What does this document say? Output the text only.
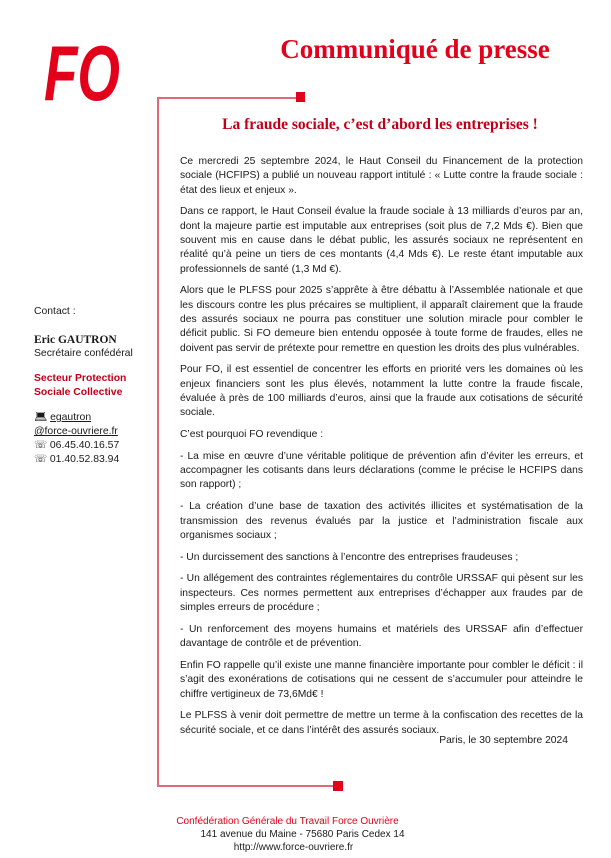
FO	Communiqué de presse
La fraude sociale, c’est d’abord les entreprises !

Ce mercredi 25 septembre 2024, le Haut Conseil du Financement de la protection sociale (HCFIPS) a publié un nouveau rapport intitulé : « Lutte contre la fraude sociale : état des lieux et enjeux ».

Dans ce rapport, le Haut Conseil évalue la fraude sociale à 13 milliards d’euros par an, dont la majeure partie est imputable aux entreprises (soit plus de 7,2 Mds €). Bien que souvent mis en cause dans le débat public, les assurés sociaux ne représentent en réalité qu’à peine un tiers de ces montants (4,4 Mds €). Le reste étant imputable aux professionnels de santé (1,3 Md €).

Alors que le PLFSS pour 2025 s’apprête à être débattu à l’Assemblée nationale et que les discours contre les plus précaires se multiplient, il apparaît clairement que la fraude des assurés sociaux ne pourra pas constituer une solution miracle pour combler le déficit public. Si FO demeure bien entendu opposée à toute forme de fraudes, elles ne doivent pas servir de prétexte pour remettre en question les droits des plus vulnérables.

Pour FO, il est essentiel de concentrer les efforts en priorité vers les domaines où les enjeux financiers sont les plus élevés, notamment la lutte contre la fraude fiscale, évaluée à près de 100 milliards d’euros, ainsi que la fraude aux cotisations de sécurité sociale.

C’est pourquoi FO revendique :

- La mise en œuvre d’une véritable politique de prévention afin d’éviter les erreurs, et accompagner les cotisants dans leurs déclarations (comme le précise le HCFIPS dans son rapport) ;

- La création d’une base de taxation des activités illicites et systématisation de la transmission des revenus évalués par la justice et l’administration fiscale aux organismes sociaux ;

- Un durcissement des sanctions à l’encontre des entreprises fraudeuses ;

- Un allégement des contraintes réglementaires du contrôle URSSAF qui pèsent sur les inspecteurs. Ces normes permettent aux entreprises d’échapper aux fraudes par de simples erreurs de procédure ;

- Un renforcement des moyens humains et matériels des URSSAF afin d’effectuer davantage de contrôle et de prévention.

Enfin FO rappelle qu’il existe une manne financière importante pour combler le déficit : il s’agit des exonérations de cotisations qui ne cessent de s’accumuler pour atteindre le chiffre vertigineux de 73,6Md€ !

Le PLFSS à venir doit permettre de mettre un terme à la confiscation des recettes de la sécurité sociale, et ce dans l’intérêt des assurés sociaux.

Paris, le 30 septembre 2024
Contact :
Eric GAUTRON
Secrétaire confédéral
Secteur Protection
Sociale Collective
💻︎ egautron
@force-ouvriere.fr
☏ 06.45.40.16.57
☏ 01.40.52.83.94
Confédération Générale du Travail Force Ouvrière
141 avenue du Maine - 75680 Paris Cedex 14
http://www.force-ouvriere.fr
